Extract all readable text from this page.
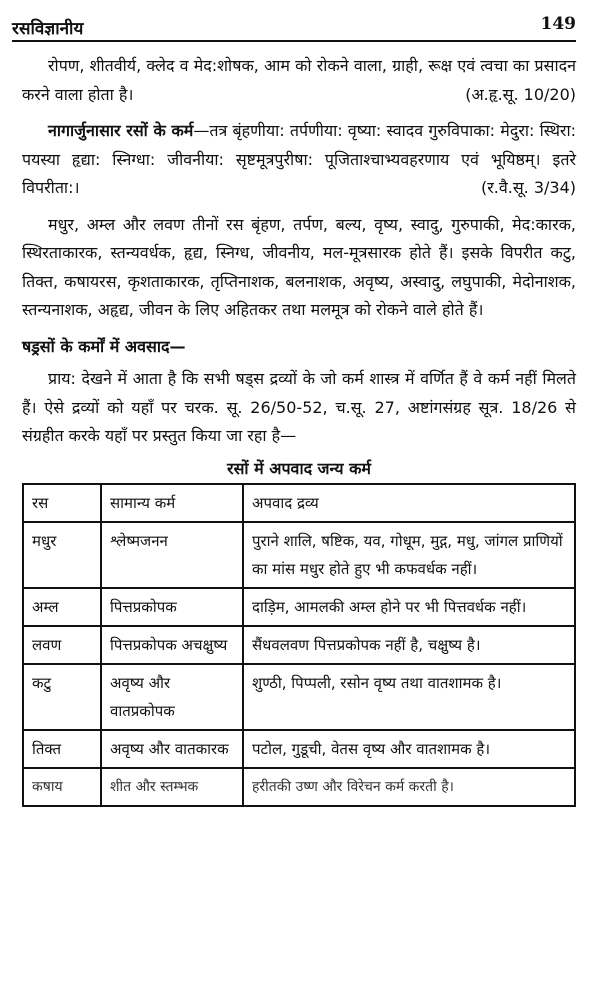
रसविज्ञानीय	149

रोपण, शीतवीर्य, क्लेद व मेद:शोषक, आम को रोकने वाला, ग्राही, रूक्ष एवं त्वचा का प्रसादन करने वाला होता है।	(अ.हृ.सू. 10/20)

नागार्जुनासार रसों के कर्म—तत्र बृंहणीया: तर्पणीया: वृष्या: स्वादव गुरुविपाका: मेदुरा: स्थिरा: पयस्या हृद्या: स्निग्धा: जीवनीया: सृष्टमूत्रपुरीषा: पूजिताश्चाभ्यवहरणाय एवं भूयिष्ठम्। इतरे विपरीता:।	(र.वै.सू. 3/34)

मधुर, अम्ल और लवण तीनों रस बृंहण, तर्पण, बल्य, वृष्य, स्वादु, गुरुपाकी, मेद:कारक, स्थिरताकारक, स्तन्यवर्धक, हृद्य, स्निग्ध, जीवनीय, मल-मूत्रसारक होते हैं। इसके विपरीत कटु, तिक्त, कषायरस, कृशताकारक, तृप्तिनाशक, बलनाशक, अवृष्य, अस्वादु, लघुपाकी, मेदोनाशक, स्तन्यनाशक, अहृद्य, जीवन के लिए अहितकर तथा मलमूत्र को रोकने वाले होते हैं।

षड्रसों के कर्मों में अवसाद—

प्राय: देखने में आता है कि सभी षड्स द्रव्यों के जो कर्म शास्त्र में वर्णित हैं वे कर्म नहीं मिलते हैं। ऐसे द्रव्यों को यहाँ पर चरक. सू. 26/50-52, च.सू. 27, अष्टांगसंग्रह सूत्र. 18/26 से संग्रहीत करके यहाँ पर प्रस्तुत किया जा रहा है—

रसों में अपवाद जन्य कर्म
रस	सामान्य कर्म	अपवाद द्रव्य
मधुर	श्लेष्मजनन	पुराने शालि, षष्टिक, यव, गोधूम, मुद्ग, मधु, जांगल प्राणियों का मांस मधुर होते हुए भी कफवर्धक नहीं।
अम्ल	पित्तप्रकोपक	दाड़िम, आमलकी अम्ल होने पर भी पित्तवर्धक नहीं।
लवण	पित्तप्रकोपक अचक्षुष्य	सैंधवलवण पित्तप्रकोपक नहीं है, चक्षुष्य है।
कटु	अवृष्य और वातप्रकोपक	शुण्ठी, पिप्पली, रसोन वृष्य तथा वातशामक है।
तिक्त	अवृष्य और वातकारक	पटोल, गुडूची, वेतस वृष्य और वातशामक है।
कषाय	शीत और स्तम्भक	हरीतकी उष्ण और विरेचन कर्म करती है।
